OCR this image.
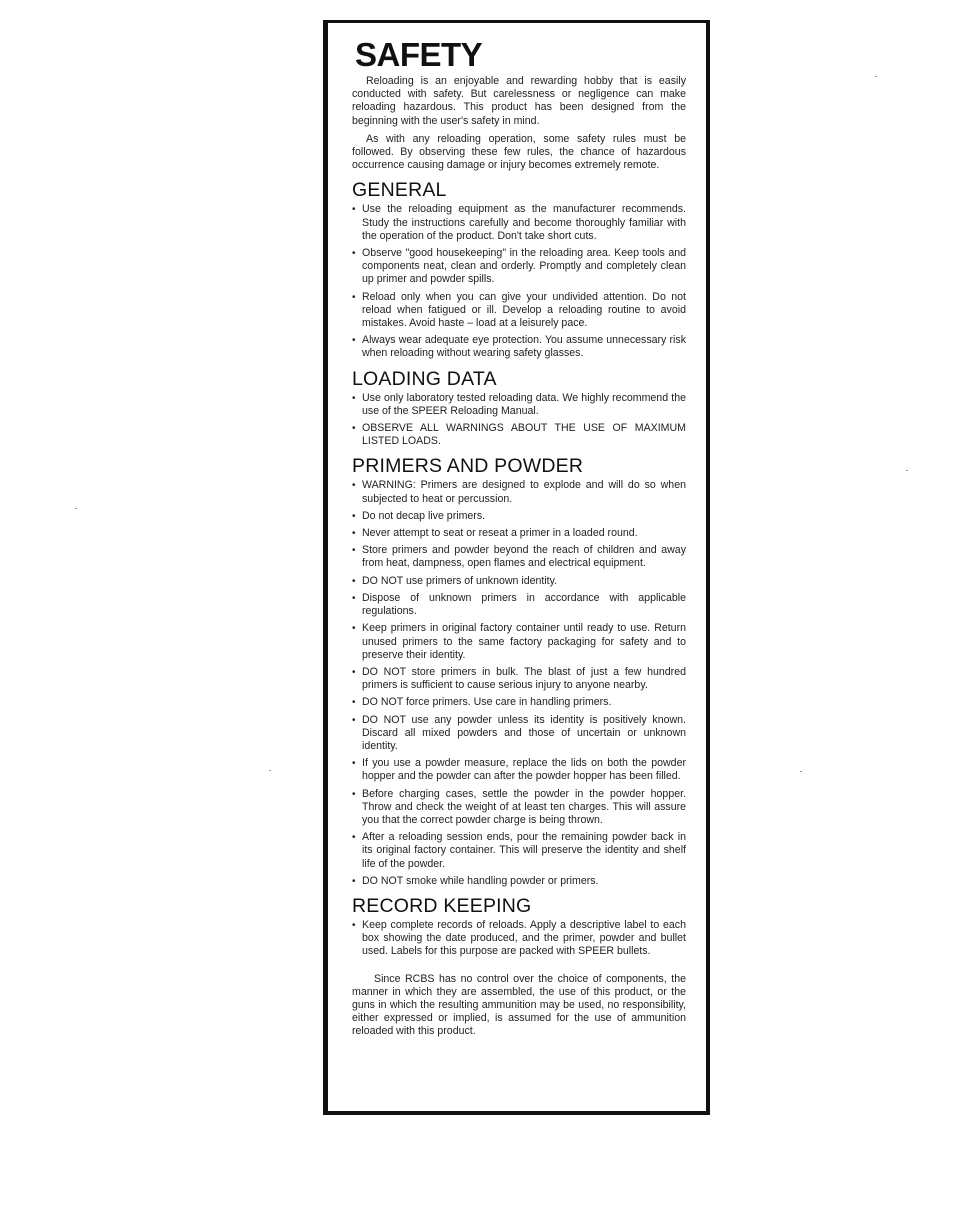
SAFETY

Reloading is an enjoyable and rewarding hobby that is easily conducted with safety. But carelessness or negligence can make reloading hazardous. This product has been designed from the beginning with the user's safety in mind.

As with any reloading operation, some safety rules must be followed. By observing these few rules, the chance of hazardous occurrence causing damage or injury becomes extremely remote.

GENERAL
• Use the reloading equipment as the manufacturer recommends. Study the instructions carefully and become thoroughly familiar with the operation of the product. Don't take short cuts.
• Observe "good housekeeping" in the reloading area. Keep tools and components neat, clean and orderly. Promptly and completely clean up primer and powder spills.
• Reload only when you can give your undivided attention. Do not reload when fatigued or ill. Develop a reloading routine to avoid mistakes. Avoid haste – load at a leisurely pace.
• Always wear adequate eye protection. You assume unnecessary risk when reloading without wearing safety glasses.
LOADING DATA
• Use only laboratory tested reloading data. We highly recommend the use of the SPEER Reloading Manual.
• OBSERVE ALL WARNINGS ABOUT THE USE OF MAXIMUM LISTED LOADS.
PRIMERS AND POWDER
• WARNING: Primers are designed to explode and will do so when subjected to heat or percussion.
• Do not decap live primers.
• Never attempt to seat or reseat a primer in a loaded round.
• Store primers and powder beyond the reach of children and away from heat, dampness, open flames and electrical equipment.
• DO NOT use primers of unknown identity.
• Dispose of unknown primers in accordance with applicable regulations.
• Keep primers in original factory container until ready to use. Return unused primers to the same factory packaging for safety and to preserve their identity.
• DO NOT store primers in bulk. The blast of just a few hundred primers is sufficient to cause serious injury to anyone nearby.
• DO NOT force primers. Use care in handling primers.
• DO NOT use any powder unless its identity is positively known. Discard all mixed powders and those of uncertain or unknown identity.
• If you use a powder measure, replace the lids on both the powder hopper and the powder can after the powder hopper has been filled.
• Before charging cases, settle the powder in the powder hopper. Throw and check the weight of at least ten charges. This will assure you that the correct powder charge is being thrown.
• After a reloading session ends, pour the remaining powder back in its original factory container. This will preserve the identity and shelf life of the powder.
• DO NOT smoke while handling powder or primers.
RECORD KEEPING
• Keep complete records of reloads. Apply a descriptive label to each box showing the date produced, and the primer, powder and bullet used. Labels for this purpose are packed with SPEER bullets.

Since RCBS has no control over the choice of components, the manner in which they are assembled, the use of this product, or the guns in which the resulting ammunition may be used, no responsibility, either expressed or implied, is assumed for the use of ammunition reloaded with this product.
